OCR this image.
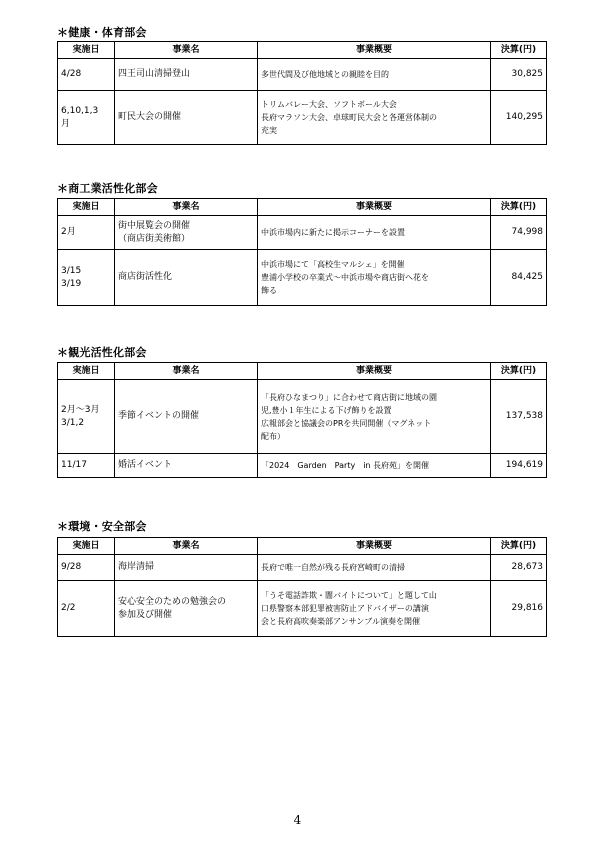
＊健康・体育部会
実施日	事業名	事業概要	決算(円)

4/28	四王司山清掃登山	多世代間及び他地域との親睦を目的	30,825

6,10,1,3
月	町民大会の開催	トリムバレー大会、ソフトボール大会
長府マラソン大会、卓球町民大会と各運営体制の
充実	140,295
＊商工業活性化部会
実施日	事業名	事業概要	決算(円)

2月	街中展覧会の開催
（商店街美術館）	中浜市場内に新たに掲示コーナーを設置	74,998

3/15
3/19	商店街活性化	中浜市場にて「高校生マルシェ」を開催
豊浦小学校の卒業式～中浜市場や商店街へ花を
飾る	84,425
＊観光活性化部会
実施日	事業名	事業概要	決算(円)

2月～3月
3/1,2	季節イベントの開催	「長府ひなまつり」に合わせて商店街に地域の園
児,豊小１年生による下げ飾りを設置
広報部会と協議会のPRを共同開催（マグネット
配布）	137,538

11/17	婚活イベント	「2024　Garden　Party　in 長府苑」を開催	194,619
＊環境・安全部会
実施日	事業名	事業概要	決算(円)

9/28	海岸清掃	長府で唯一自然が残る長府宮崎町の清掃	28,673

2/2	安心安全のための勉強会の
参加及び開催	「うそ電話詐欺・闇バイトについて」と題して山
口県警察本部犯罪被害防止アドバイザーの講演
会と長府高吹奏楽部アンサンブル演奏を開催	29,816
4
